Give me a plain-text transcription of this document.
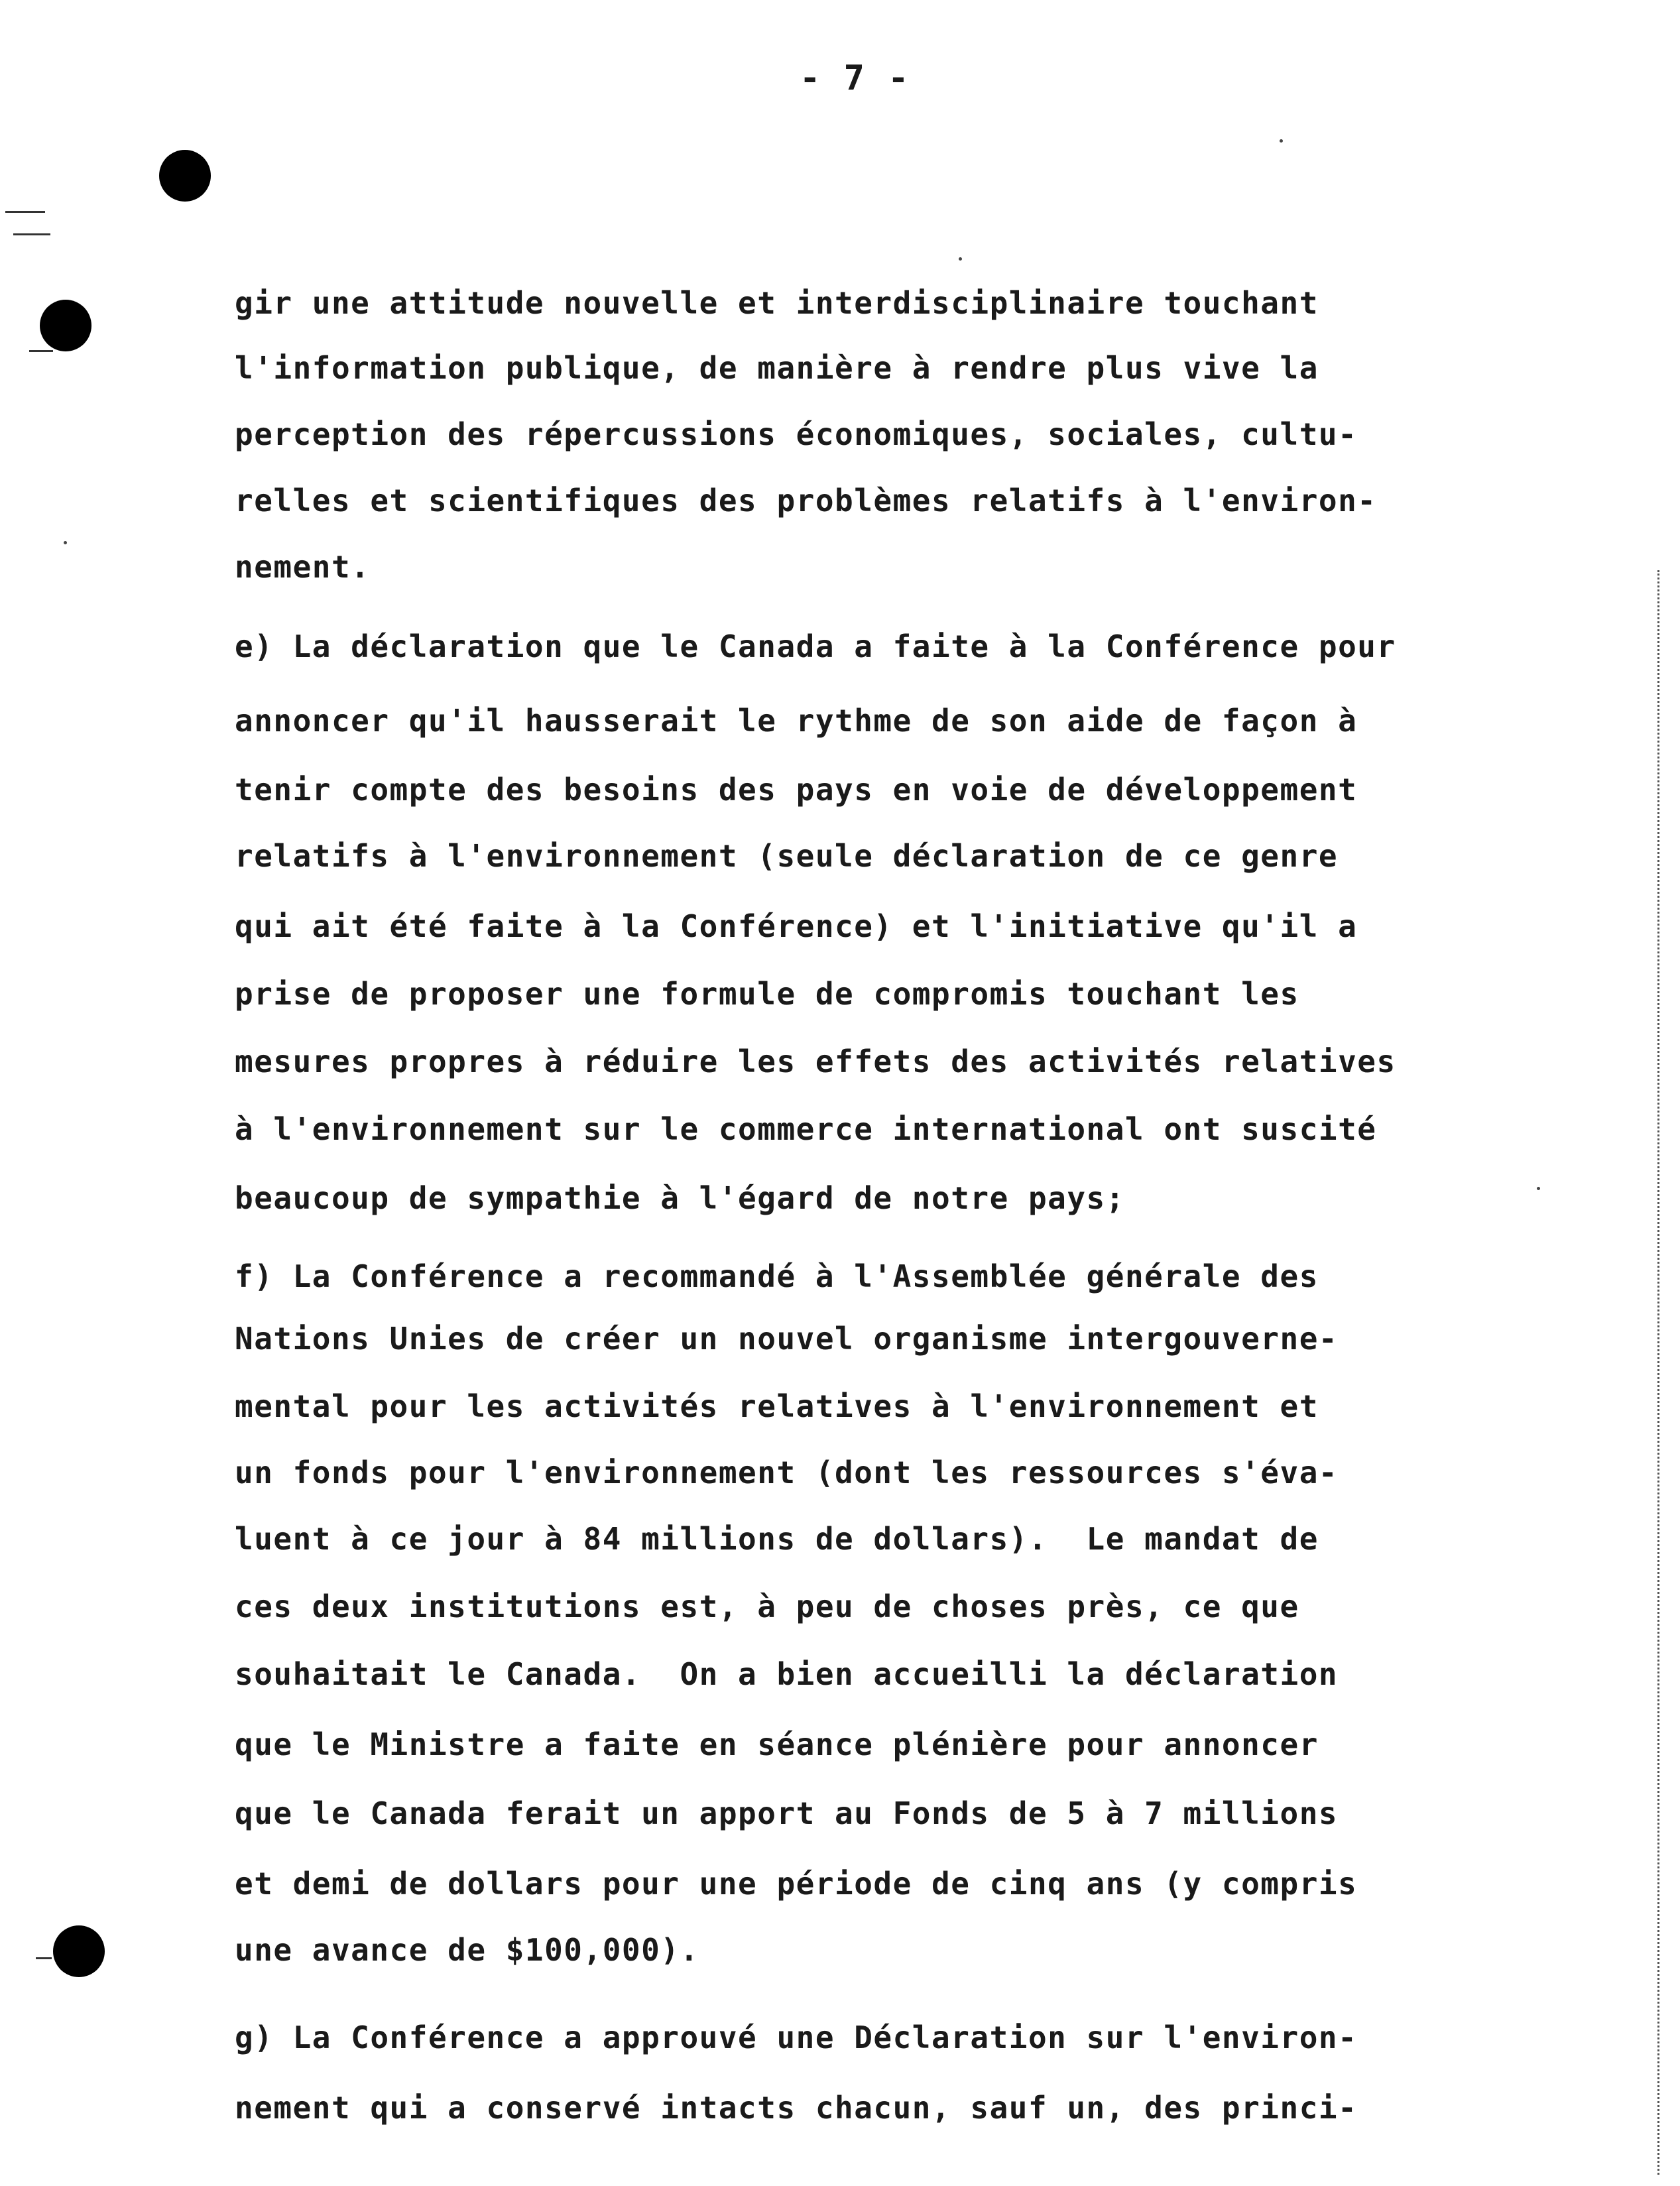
- 7 -
gir une attitude nouvelle et interdisciplinaire touchant
l'information publique, de manière à rendre plus vive la
perception des répercussions économiques, sociales, cultu-
relles et scientifiques des problèmes relatifs à l'environ-
nement.
e) La déclaration que le Canada a faite à la Conférence pour
annoncer qu'il hausserait le rythme de son aide de façon à
tenir compte des besoins des pays en voie de développement
relatifs à l'environnement (seule déclaration de ce genre
qui ait été faite à la Conférence) et l'initiative qu'il a
prise de proposer une formule de compromis touchant les
mesures propres à réduire les effets des activités relatives
à l'environnement sur le commerce international ont suscité
beaucoup de sympathie à l'égard de notre pays;
f) La Conférence a recommandé à l'Assemblée générale des
Nations Unies de créer un nouvel organisme intergouverne-
mental pour les activités relatives à l'environnement et
un fonds pour l'environnement (dont les ressources s'éva-
luent à ce jour à 84 millions de dollars).  Le mandat de
ces deux institutions est, à peu de choses près, ce que
souhaitait le Canada.  On a bien accueilli la déclaration
que le Ministre a faite en séance plénière pour annoncer
que le Canada ferait un apport au Fonds de 5 à 7 millions
et demi de dollars pour une période de cinq ans (y compris
une avance de $100,000).
g) La Conférence a approuvé une Déclaration sur l'environ-
nement qui a conservé intacts chacun, sauf un, des princi-
